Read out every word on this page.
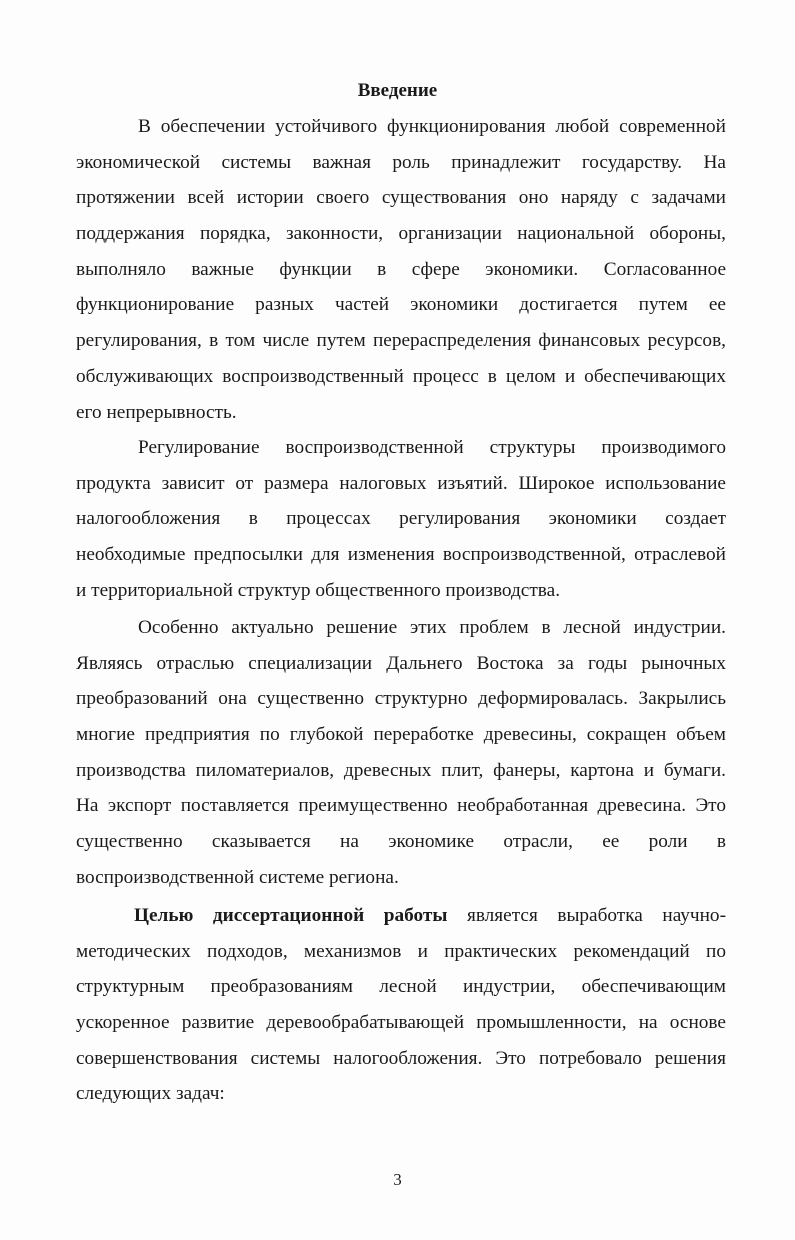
Введение
В обеспечении устойчивого функционирования любой современной
экономической системы важная роль принадлежит государству. На
протяжении всей истории своего существования оно наряду с задачами
поддержания порядка, законности, организации национальной обороны,
выполняло важные функции в сфере экономики. Согласованное
функционирование разных частей экономики достигается путем ее
регулирования, в том числе путем перераспределения финансовых ресурсов,
обслуживающих воспроизводственный процесс в целом и обеспечивающих
его непрерывность.
Регулирование воспроизводственной структуры производимого
продукта зависит от размера налоговых изъятий. Широкое использование
налогообложения в процессах регулирования экономики создает
необходимые предпосылки для изменения воспроизводственной, отраслевой
и территориальной структур общественного производства.
Особенно актуально решение этих проблем в лесной индустрии.
Являясь отраслью специализации Дальнего Востока за годы рыночных
преобразований она существенно структурно деформировалась. Закрылись
многие предприятия по глубокой переработке древесины, сокращен объем
производства пиломатериалов, древесных плит, фанеры, картона и бумаги.
На экспорт поставляется преимущественно необработанная древесина. Это
существенно сказывается на экономике отрасли, ее роли в
воспроизводственной системе региона.
Целью диссертационной работы является выработка научно-
методических подходов, механизмов и практических рекомендаций по
структурным преобразованиям лесной индустрии, обеспечивающим
ускоренное развитие деревообрабатывающей промышленности, на основе
совершенствования системы налогообложения. Это потребовало решения
следующих задач:
3
